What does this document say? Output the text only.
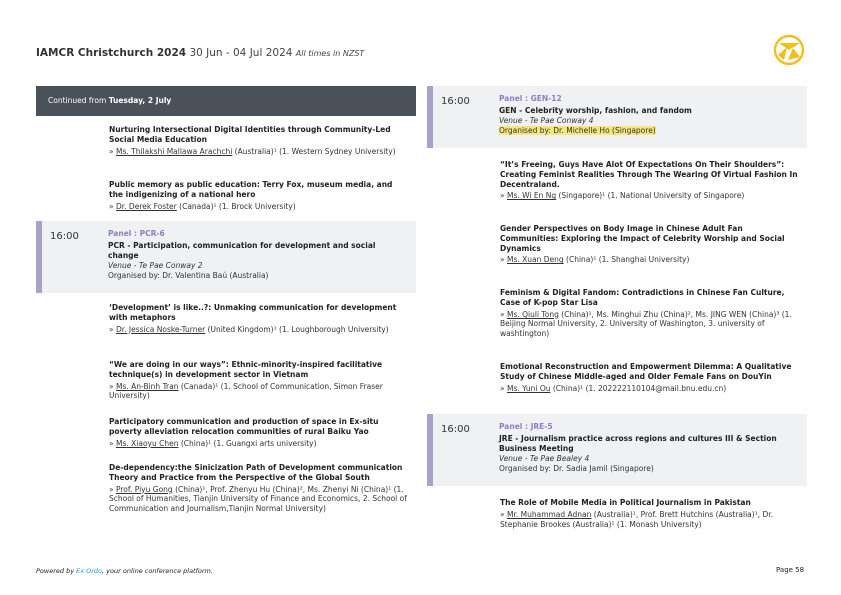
IAMCR Christchurch 2024 30 Jun - 04 Jul 2024 All times in NZST
Continued from Tuesday, 2 July
Nurturing Intersectional Digital Identities through Community-Led Social Media Education
» Ms. Thilakshi Mallawa Arachchi (Australia)¹ (1. Western Sydney University)
Public memory as public education: Terry Fox, museum media, and the indigenizing of a national hero
» Dr. Derek Foster (Canada)¹ (1. Brock University)
16:00	Panel : PCR-6
PCR - Participation, communication for development and social change
Venue - Te Pae Conway 2
Organised by: Dr. Valentina Baú (Australia)
‘Development’ is like..?: Unmaking communication for development with metaphors
» Dr. Jessica Noske-Turner (United Kingdom)¹ (1. Loughborough University)
“We are doing in our ways”: Ethnic-minority-inspired facilitative technique(s) in development sector in Vietnam
» Ms. An-Binh Tran (Canada)¹ (1. School of Communication, Simon Fraser University)
Participatory communication and production of space in Ex-situ poverty alleviation relocation communities of rural Baiku Yao
» Ms. Xiaoyu Chen (China)¹ (1. Guangxi arts university)
De-dependency:the Sinicization Path of Development communication Theory and Practice from the Perspective of the Global South
» Prof. Piyu Gong (China)¹, Prof. Zhenyu Hu (China)², Ms. Zhenyi Ni (China)¹ (1. School of Humanities, Tianjin University of Finance and Economics, 2. School of Communication and Journalism,Tianjin Normal University)
16:00	Panel : GEN-12
GEN - Celebrity worship, fashion, and fandom
Venue - Te Pae Conway 4
Organised by: Dr. Michelle Ho (Singapore)
“It’s Freeing, Guys Have Alot Of Expectations On Their Shoulders”: Creating Feminist Realities Through The Wearing Of Virtual Fashion In Decentraland.
» Ms. Wi En Ng (Singapore)¹ (1. National University of Singapore)
Gender Perspectives on Body Image in Chinese Adult Fan Communities: Exploring the Impact of Celebrity Worship and Social Dynamics
» Ms. Xuan Deng (China)¹ (1. Shanghai University)
Feminism & Digital Fandom: Contradictions in Chinese Fan Culture, Case of K-pop Star Lisa
» Ms. Qiuli Tong (China)¹, Ms. Minghui Zhu (China)², Ms. JING WEN (China)³ (1. Beijing Normal University, 2. University of Washington, 3. university of washtington)
Emotional Reconstruction and Empowerment Dilemma: A Qualitative Study of Chinese Middle-aged and Older Female Fans on DouYin
» Ms. Yuni Ou (China)¹ (1. 202222110104@mail.bnu.edu.cn)
16:00	Panel : JRE-5
JRE - Journalism practice across regions and cultures III & Section Business Meeting
Venue - Te Pae Bealey 4
Organised by: Dr. Sadia Jamil (Singapore)
The Role of Mobile Media in Political Journalism in Pakistan
» Mr. Muhammad Adnan (Australia)¹, Prof. Brett Hutchins (Australia)¹, Dr. Stephanie Brookes (Australia)¹ (1. Monash University)
Powered by Ex Ordo, your online conference platform.	Page 58
